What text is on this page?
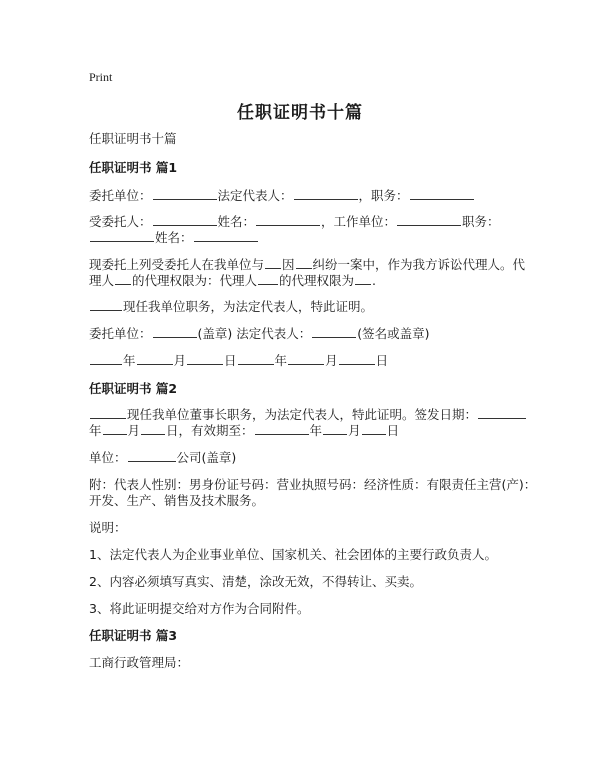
Print
任职证明书十篇

任职证明书十篇

任职证明书 篇1

委托单位：	法定代表人：	，职务：

受委托人：	姓名：	，工作单位：	职务：

姓名：

现委托上列受委托人在我单位与 因 纠纷一案中，作为我方诉讼代理人。代

理人 的代理权限为：代理人 的代理权限为 .

现任我单位职务，为法定代表人，特此证明。

委托单位：	(盖章) 法定代表人：	(签名或盖章)

年	月	日	年	月	日

任职证明书 篇2

现任我单位董事长职务，为法定代表人，特此证明。签发日期：

年 月 日，有效期至：	年 月 日

单位：	公司(盖章)

附：代表人性别：男身份证号码：营业执照号码：经济性质：有限责任主营(产)：

开发、生产、销售及技术服务。

说明：

1、法定代表人为企业事业单位、国家机关、社会团体的主要行政负责人。

2、内容必须填写真实、清楚，涂改无效，不得转让、买卖。

3、将此证明提交给对方作为合同附件。

任职证明书 篇3

工商行政管理局：
